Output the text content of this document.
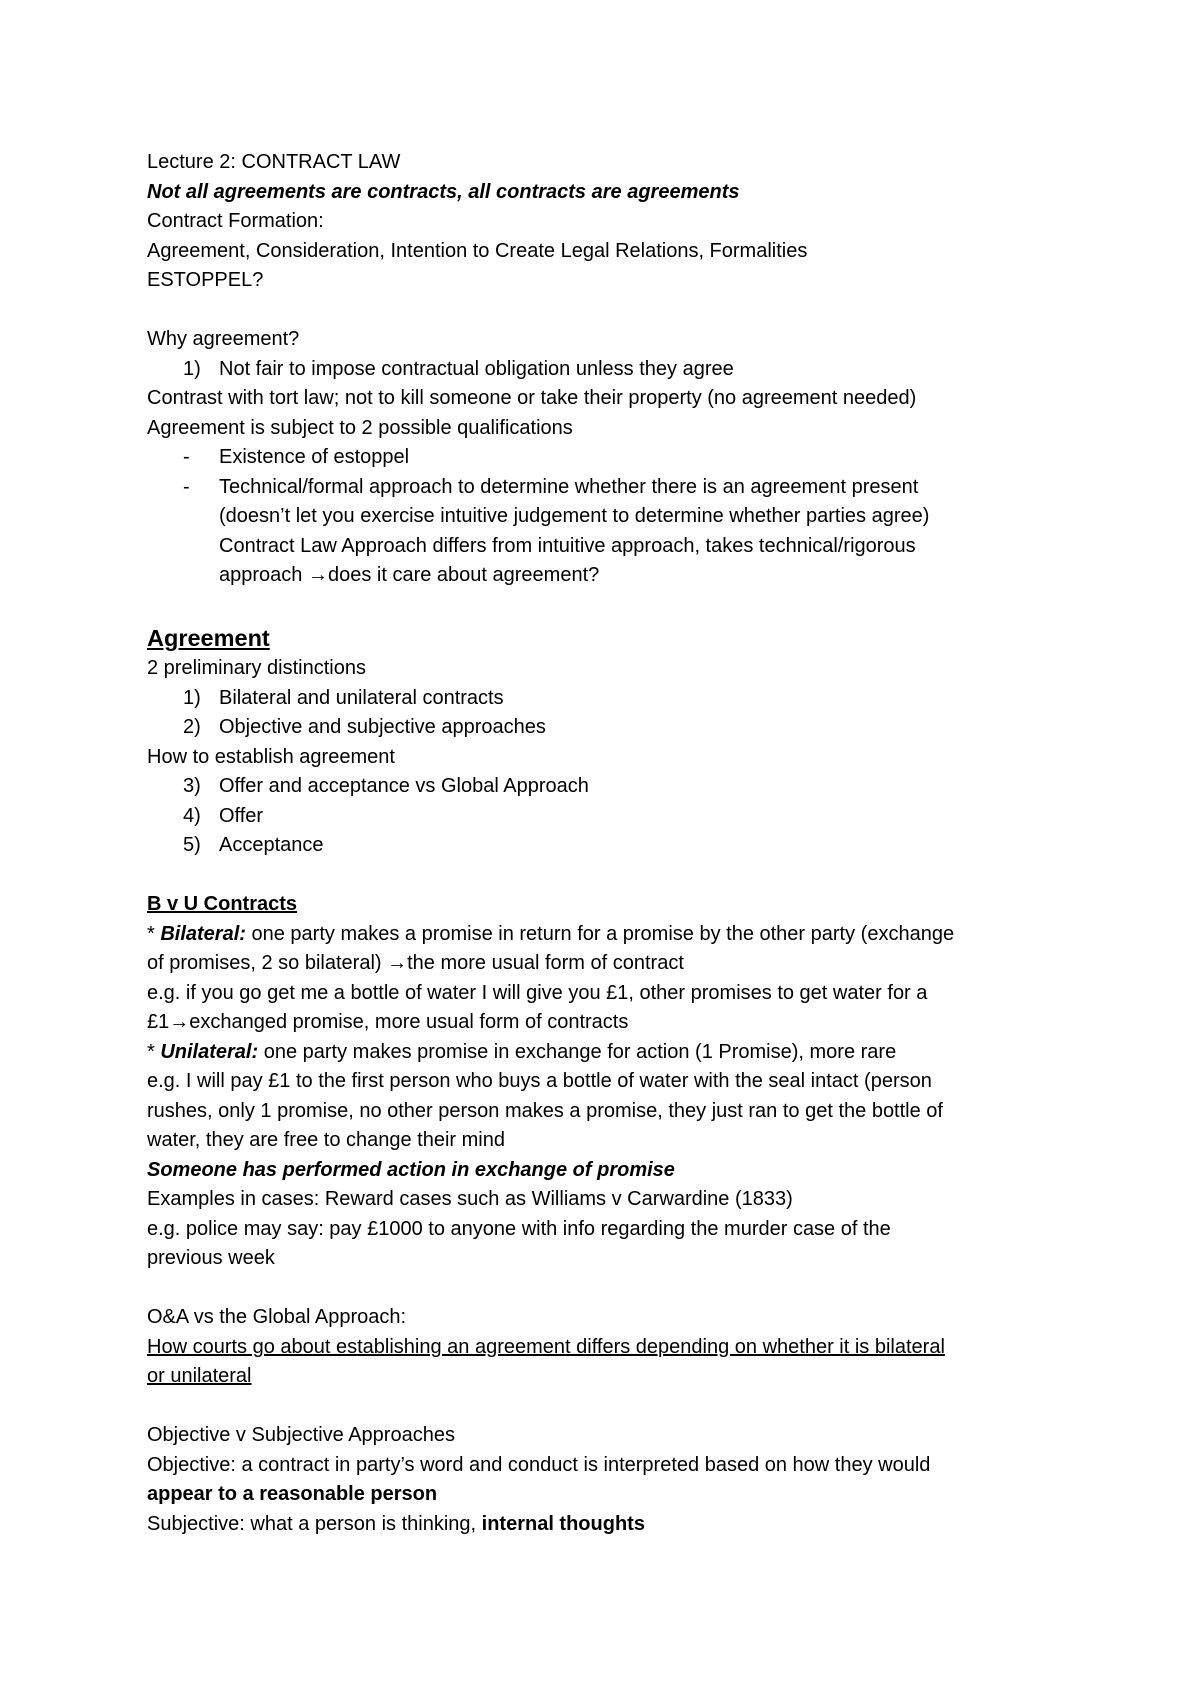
Lecture 2: CONTRACT LAW
Not all agreements are contracts, all contracts are agreements
Contract Formation:
Agreement, Consideration, Intention to Create Legal Relations, Formalities
ESTOPPEL?
Why agreement?
1) Not fair to impose contractual obligation unless they agree
Contrast with tort law; not to kill someone or take their property (no agreement needed)
Agreement is subject to 2 possible qualifications
-	Existence of estoppel
-	Technical/formal approach to determine whether there is an agreement present
(doesn’t let you exercise intuitive judgement to determine whether parties agree)
Contract Law Approach differs from intuitive approach, takes technical/rigorous
approach →does it care about agreement?
Agreement
2 preliminary distinctions
1) Bilateral and unilateral contracts
2) Objective and subjective approaches
How to establish agreement
3) Offer and acceptance vs Global Approach
4) Offer
5) Acceptance
B v U Contracts
* Bilateral: one party makes a promise in return for a promise by the other party (exchange
of promises, 2 so bilateral) →the more usual form of contract
e.g. if you go get me a bottle of water I will give you £1, other promises to get water for a
£1→exchanged promise, more usual form of contracts
* Unilateral: one party makes promise in exchange for action (1 Promise), more rare
e.g. I will pay £1 to the first person who buys a bottle of water with the seal intact (person
rushes, only 1 promise, no other person makes a promise, they just ran to get the bottle of
water, they are free to change their mind
Someone has performed action in exchange of promise
Examples in cases: Reward cases such as Williams v Carwardine (1833)
e.g. police may say: pay £1000 to anyone with info regarding the murder case of the
previous week
O&A vs the Global Approach:
How courts go about establishing an agreement differs depending on whether it is bilateral
or unilateral
Objective v Subjective Approaches
Objective: a contract in party’s word and conduct is interpreted based on how they would
appear to a reasonable person
Subjective: what a person is thinking, internal thoughts
